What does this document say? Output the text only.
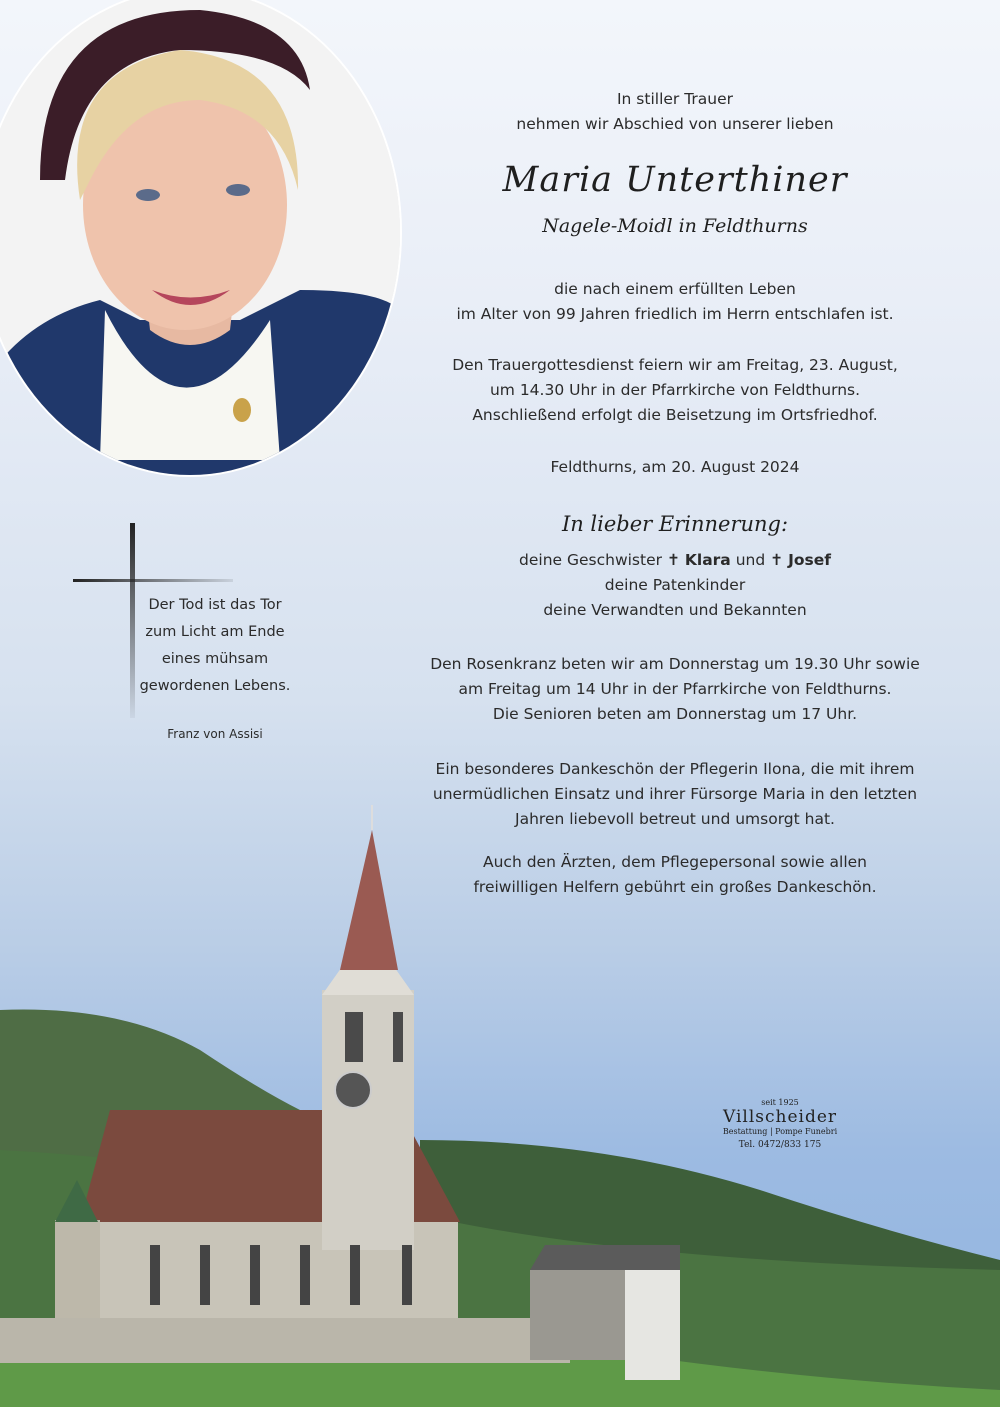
In stiller Trauer

nehmen wir Abschied von unserer lieben

Maria Unterthiner
Nagele-Moidl in Feldthurns

die nach einem erfüllten Leben

im Alter von 99 Jahren friedlich im Herrn entschlafen ist.

Den Trauergottesdienst feiern wir am Freitag, 23. August,

um 14.30 Uhr in der Pfarrkirche von Feldthurns.

Anschließend erfolgt die Beisetzung im Ortsfriedhof.

Feldthurns, am 20. August 2024

In lieber Erinnerung:

deine Geschwister ✝ Klara und ✝ Josef

deine Patenkinder

deine Verwandten und Bekannten

Den Rosenkranz beten wir am Donnerstag um 19.30 Uhr sowie

am Freitag um 14 Uhr in der Pfarrkirche von Feldthurns.

Die Senioren beten am Donnerstag um 17 Uhr.

Ein besonderes Dankeschön der Pflegerin Ilona, die mit ihrem

unermüdlichen Einsatz und ihrer Fürsorge Maria in den letzten

Jahren liebevoll betreut und umsorgt hat.

Auch den Ärzten, dem Pflegepersonal sowie allen

freiwilligen Helfern gebührt ein großes Dankeschön.

Der Tod ist das Tor
zum Licht am Ende
eines mühsam
gewordenen Lebens.
Franz von Assisi
seit 1925
Villscheider
Bestattung | Pompe Funebri
Tel. 0472/833 175
